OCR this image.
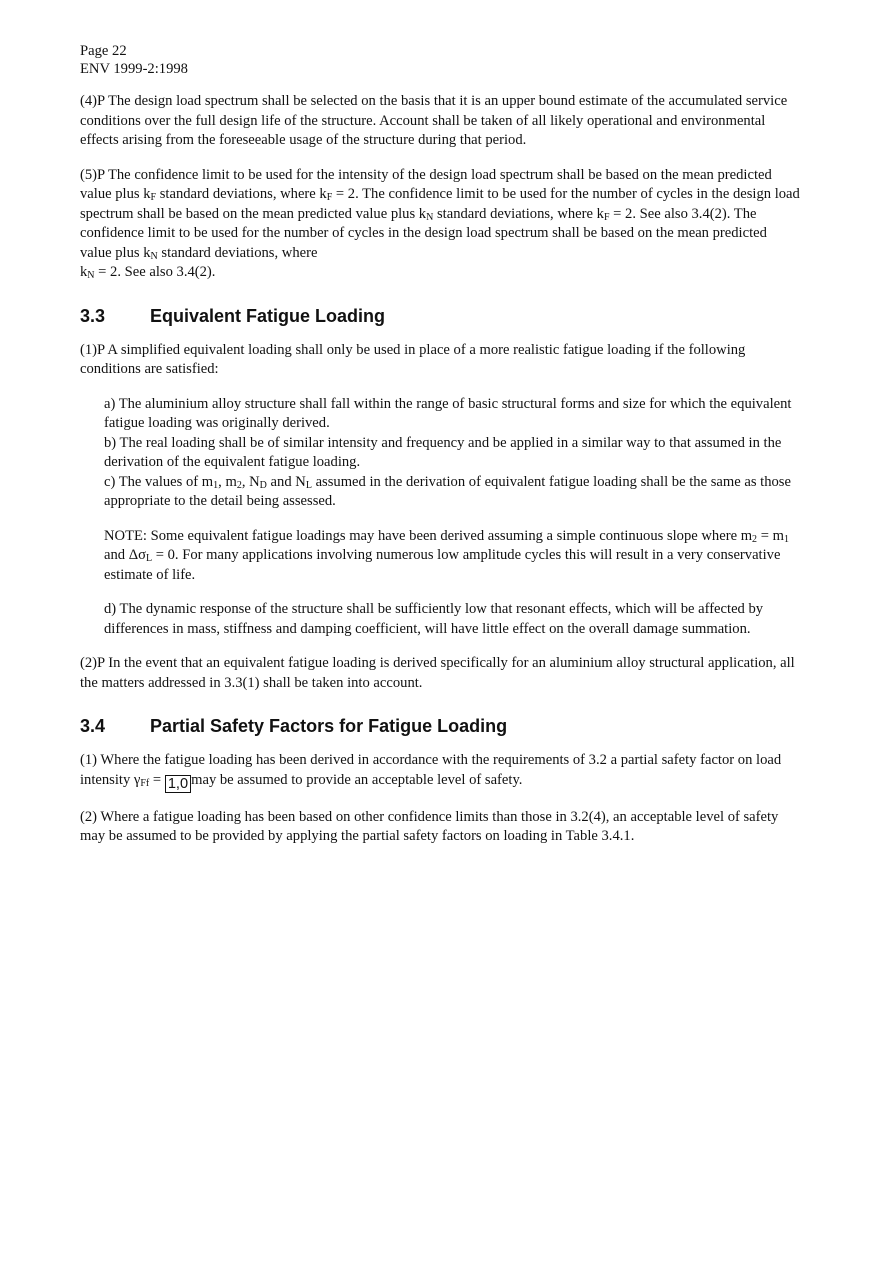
Page 22
ENV 1999-2:1998

(4)P The design load spectrum shall be selected on the basis that it is an upper bound estimate of the accumulated service conditions over the full design life of the structure. Account shall be taken of all likely operational and environmental effects arising from the foreseeable usage of the structure during that period.

(5)P The confidence limit to be used for the intensity of the design load spectrum shall be based on the mean predicted value plus $k_F$ standard deviations, where $k_F = 2$. The confidence limit to be used for the number of cycles in the design load spectrum shall be based on the mean predicted value plus $k_N$ standard deviations, where $k_F = 2$. See also 3.4(2). The confidence limit to be used for the number of cycles in the design load spectrum shall be based on the mean predicted value plus $k_N$ standard deviations, where
$k_N = 2$. See also 3.4(2).

3.3	Equivalent Fatigue Loading

(1)P A simplified equivalent loading shall only be used in place of a more realistic fatigue loading if the following conditions are satisfied:

a) The aluminium alloy structure shall fall within the range of basic structural forms and size for which the equivalent fatigue loading was originally derived.

b) The real loading shall be of similar intensity and frequency and be applied in a similar way to that assumed in the derivation of the equivalent fatigue loading.

c) The values of $m_1$, $m_2$, $N_D$ and $N_L$ assumed in the derivation of equivalent fatigue loading shall be the same as those appropriate to the detail being assessed.

NOTE: Some equivalent fatigue loadings may have been derived assuming a simple continuous slope where $m_2 = m_1$ and $\Delta\sigma_L = 0$. For many applications involving numerous low amplitude cycles this will result in a very conservative estimate of life.

d) The dynamic response of the structure shall be sufficiently low that resonant effects, which will be affected by differences in mass, stiffness and damping coefficient, will have little effect on the overall damage summation.

(2)P In the event that an equivalent fatigue loading is derived specifically for an aluminium alloy structural application, all the matters addressed in 3.3(1) shall be taken into account.

3.4	Partial Safety Factors for Fatigue Loading

(1) Where the fatigue loading has been derived in accordance with the requirements of 3.2 a partial safety factor on load intensity $\gamma_{Ff} = 1,0$ may be assumed to provide an acceptable level of safety.

(2) Where a fatigue loading has been based on other confidence limits than those in 3.2(4), an acceptable level of safety may be assumed to be provided by applying the partial safety factors on loading in Table 3.4.1.
